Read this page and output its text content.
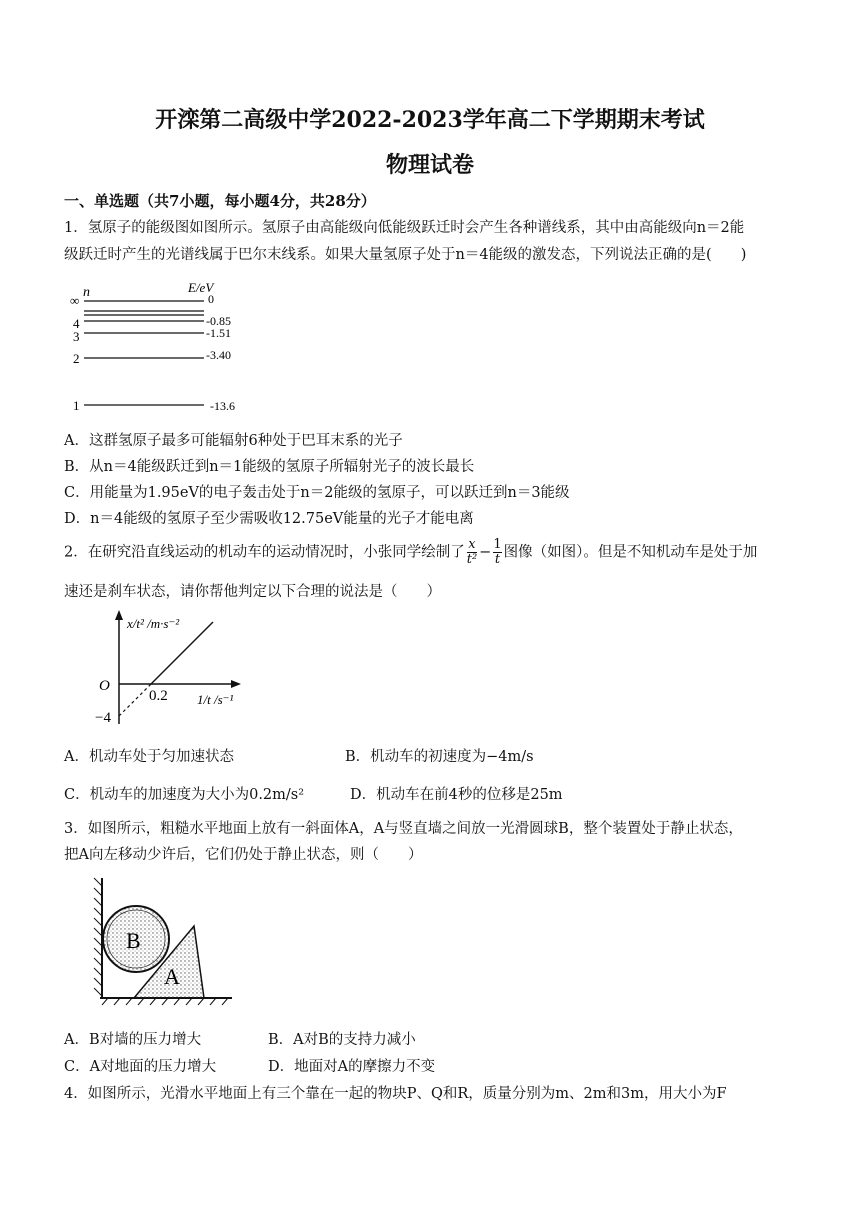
开滦第二高级中学2022-2023学年高二下学期期末考试
物理试卷
一、单选题（共7小题，每小题4分，共28分）
1．氢原子的能级图如图所示。氢原子由高能级向低能级跃迁时会产生各种谱线系，其中由高能级向n＝2能
级跃迁时产生的光谱线属于巴尔末线系。如果大量氢原子处于n＝4能级的激发态，下列说法正确的是(　　)
n	E/eV
∞	0
4	-0.85
3	-1.51
2	-3.40
1	-13.6
A．这群氢原子最多可能辐射6种处于巴耳末系的光子
B．从n＝4能级跃迁到n＝1能级的氢原子所辐射光子的波长最长
C．用能量为1.95eV的电子轰击处于n＝2能级的氢原子，可以跃迁到n＝3能级
D．n＝4能级的氢原子至少需吸收12.75eV能量的光子才能电离
2．在研究沿直线运动的机动车的运动情况时，小张同学绘制了 $\frac{x}{\text{t²}} - \frac{1}{t}$ 图像（如图）。但是不知机动车是处于加
速还是刹车状态，请你帮他判定以下合理的说法是（　　）
x/t² /m·s⁻²
1/t /s⁻¹
O
0.2
−4
A．机动车处于匀加速状态	B．机动车的初速度为−4m/s
C．机动车的加速度为大小为0.2m/s²	D．机动车在前4秒的位移是25m
3．如图所示，粗糙水平地面上放有一斜面体A，A与竖直墙之间放一光滑圆球B，整个装置处于静止状态，
把A向左移动少许后，它们仍处于静止状态，则（　　）
B
A
A．B对墙的压力增大	B．A对B的支持力减小
C．A对地面的压力增大	D．地面对A的摩擦力不变
4．如图所示，光滑水平地面上有三个靠在一起的物块P、Q和R，质量分别为m、2m和3m，用大小为F
